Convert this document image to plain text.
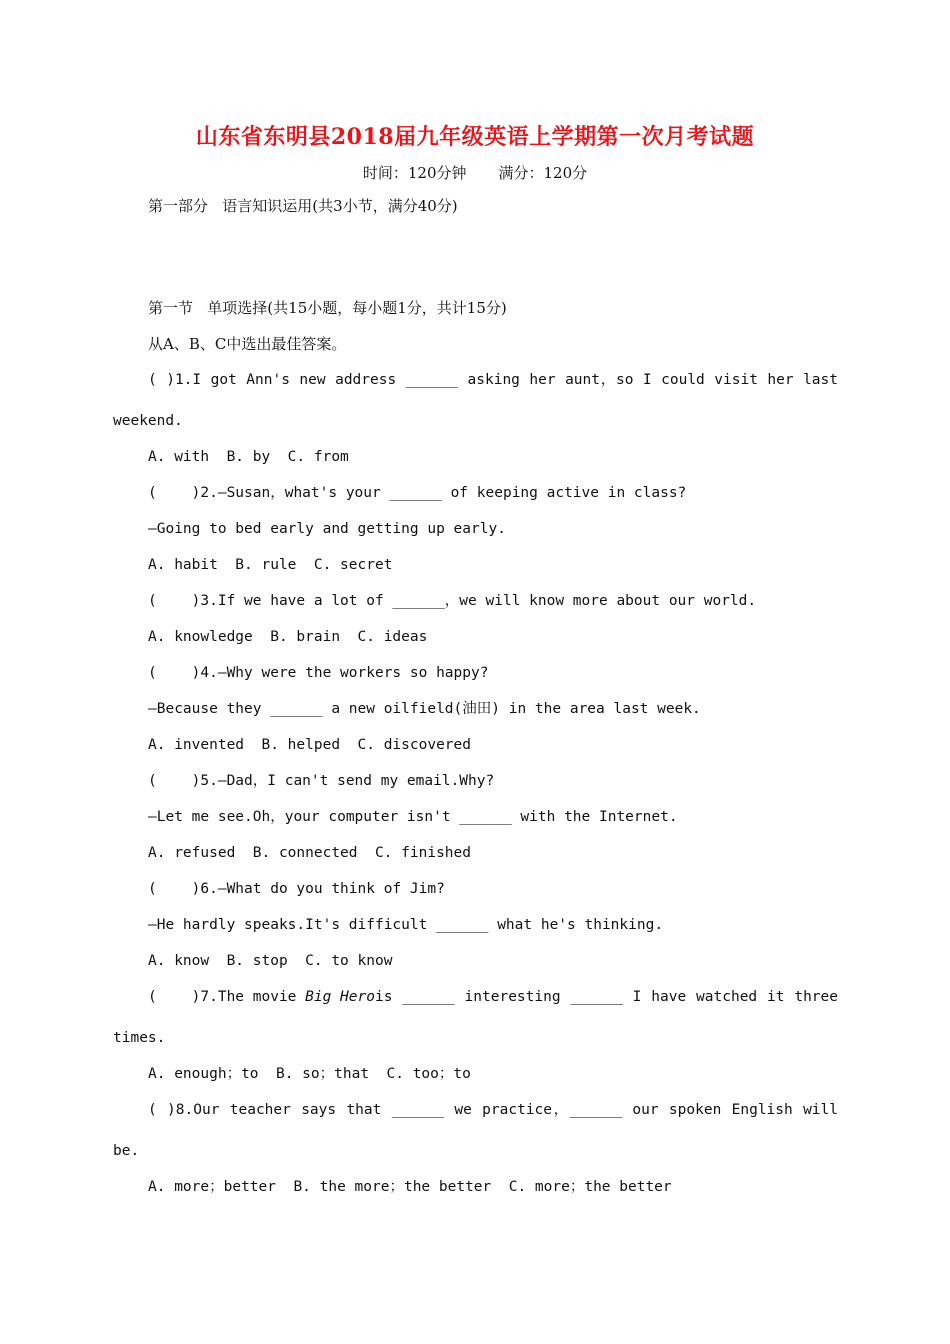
山东省东明县2018届九年级英语上学期第一次月考试题
时间：120分钟 满分：120分
第一部分   语言知识运用(共3小节，满分40分)
第一节   单项选择(共15小题，每小题1分，共计15分)
从A、B、C中选出最佳答案。
( )1.I got Ann's new address ______ asking her aunt，so I could visit her last
weekend.
A. with  B. by  C. from
(    )2.—Susan，what's your ______ of keeping active in class?
—Going to bed early and getting up early.
A. habit  B. rule  C. secret
(    )3.If we have a lot of ______，we will know more about our world.
A. knowledge  B. brain  C. ideas
(    )4.—Why were the workers so happy?
—Because they ______ a new oilfield(油田) in the area last week.
A. invented  B. helped  C. discovered
(    )5.—Dad，I can't send my email.Why?
—Let me see.Oh，your computer isn't ______ with the Internet.
A. refused  B. connected  C. finished
(    )6.—What do you think of Jim?
—He hardly speaks.It's difficult ______ what he's thinking.
A. know  B. stop  C. to know
(    )7.The movie Big Hero is ______ interesting ______ I have watched it three
times.
A. enough；to  B. so；that  C. too；to
( )8.Our teacher says that ______ we practice，______ our spoken English will
be.
A. more；better  B. the more；the better  C. more；the better
